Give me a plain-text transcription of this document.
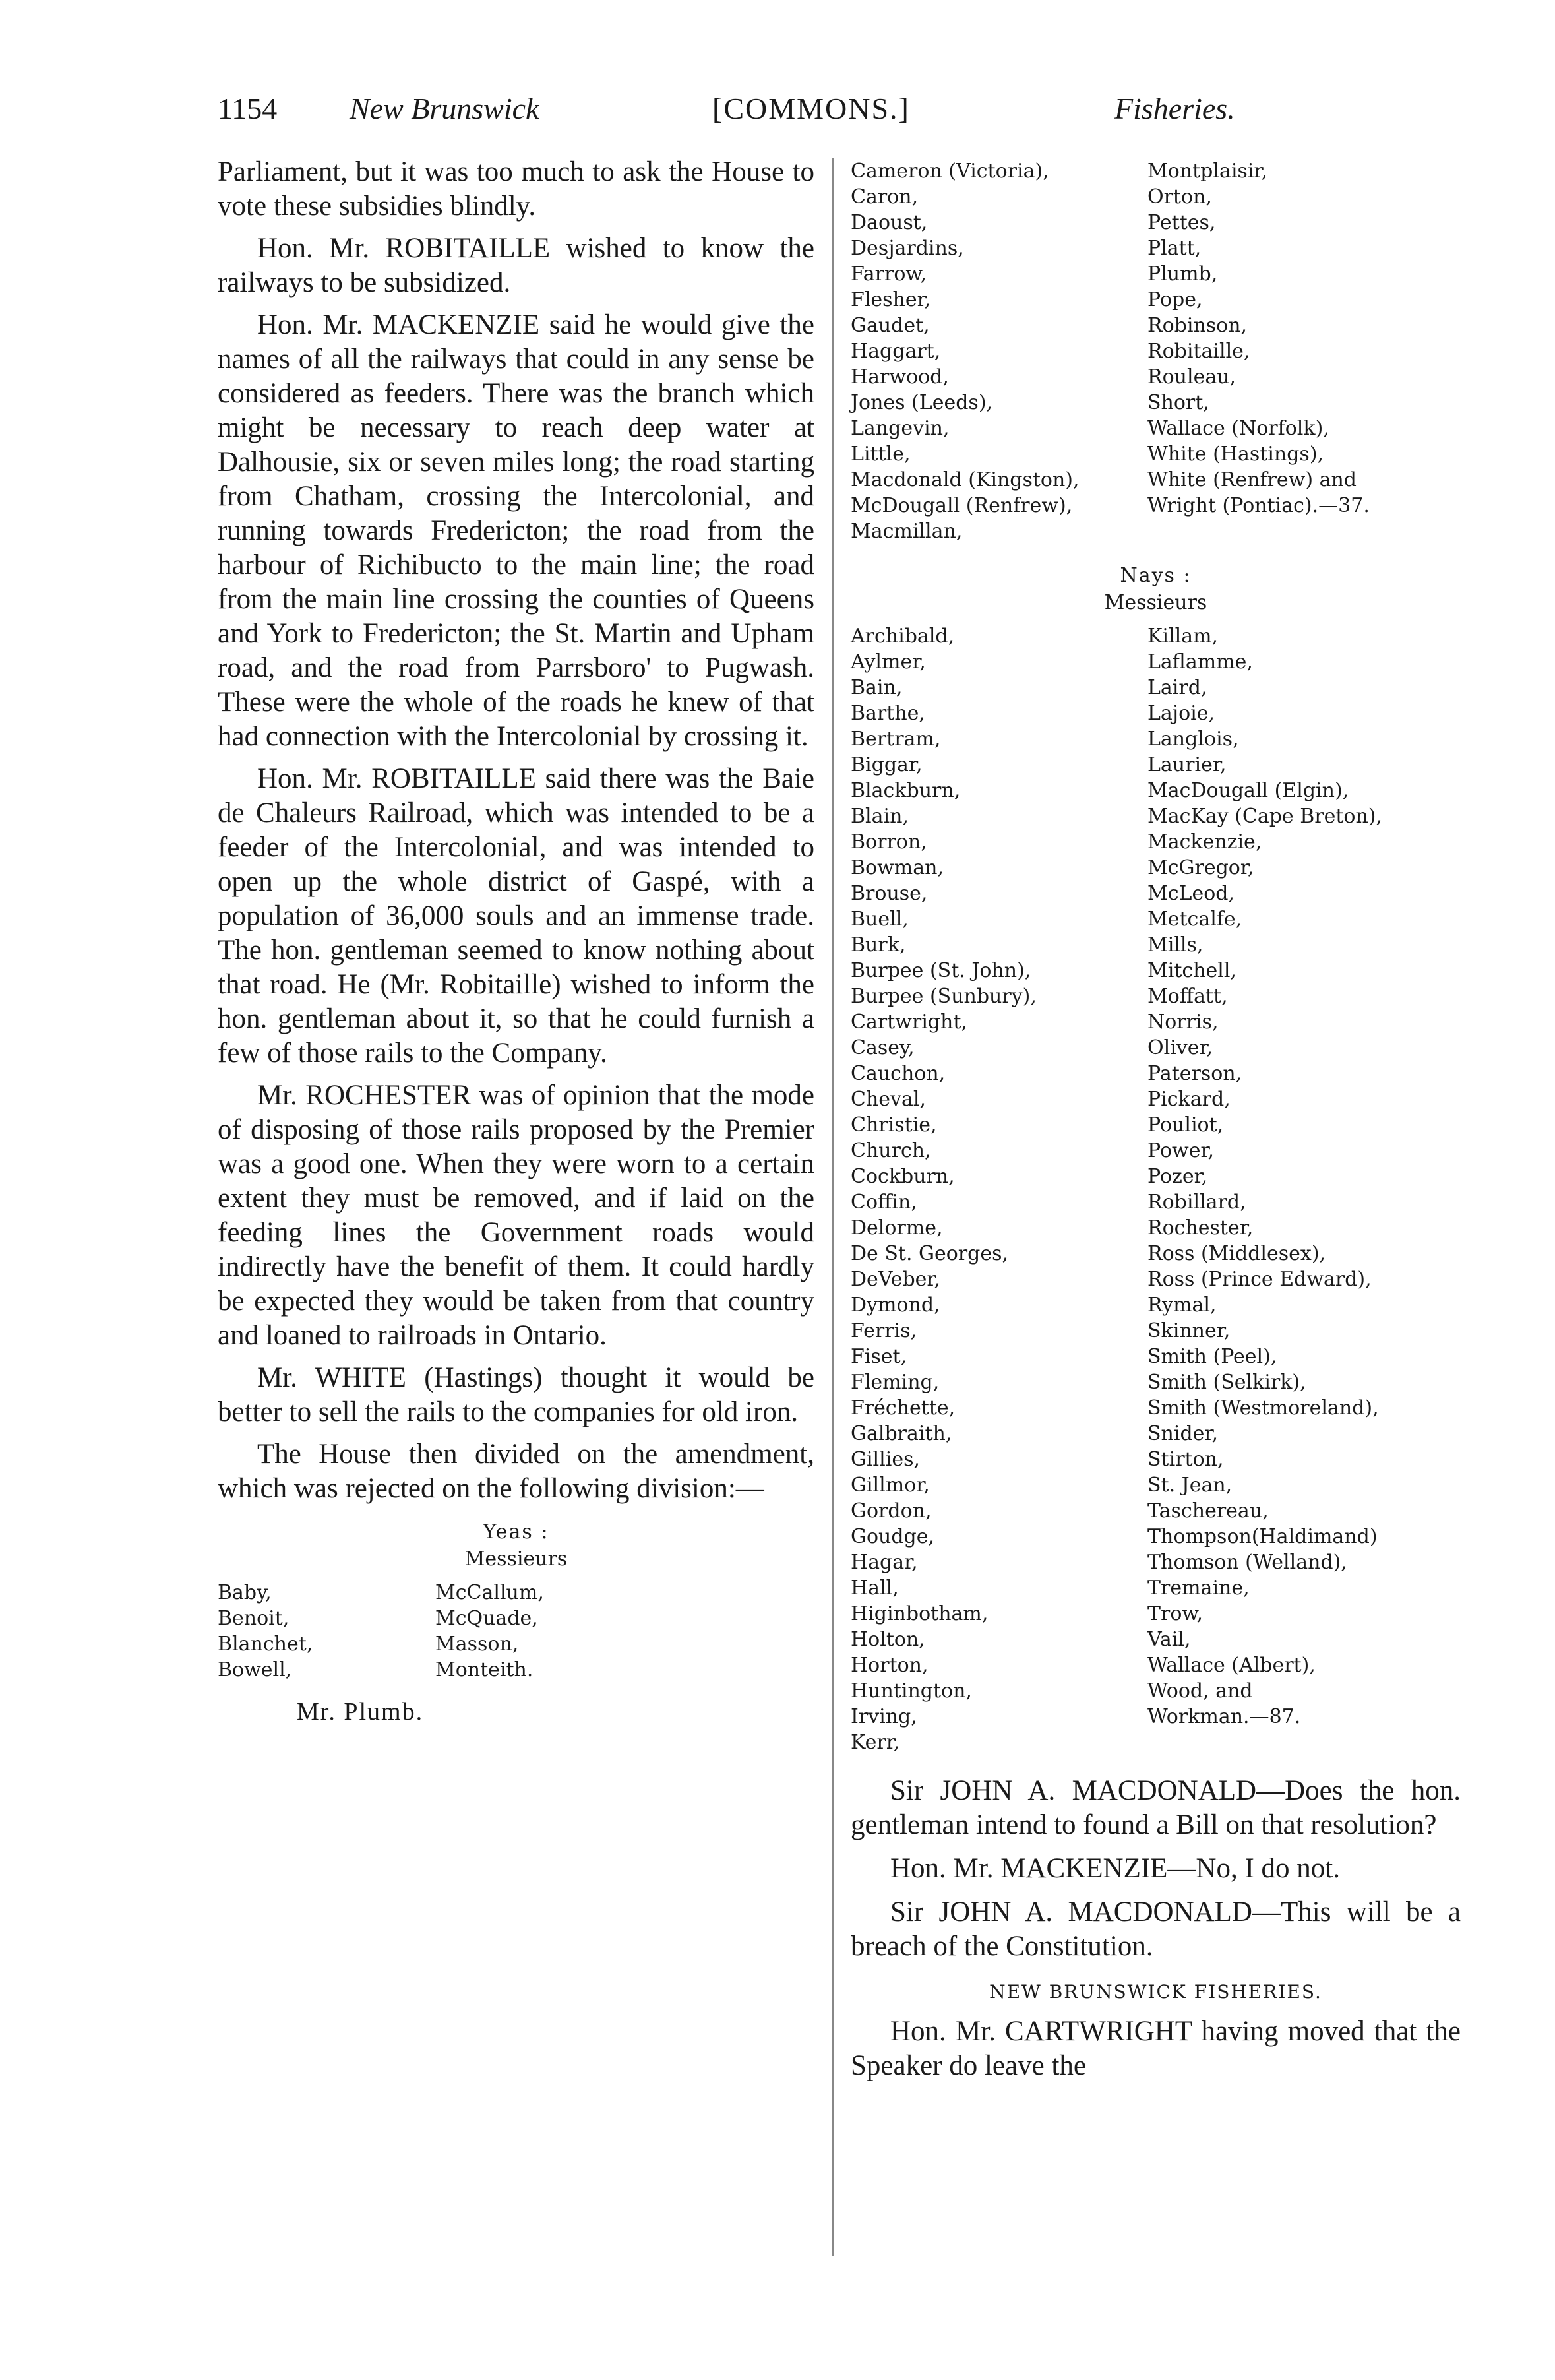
1154 New Brunswick	[COMMONS.]	Fisheries.

Parliament, but it was too much to ask the House to vote these subsidies blindly.

Hon. Mr. ROBITAILLE wished to know the railways to be subsidized.

Hon. Mr. MACKENZIE said he would give the names of all the railways that could in any sense be considered as feeders. There was the branch which might be necessary to reach deep water at Dalhousie, six or seven miles long; the road starting from Chatham, crossing the Intercolonial, and running towards Fredericton; the road from the harbour of Richibucto to the main line; the road from the main line crossing the counties of Queens and York to Fredericton; the St. Martin and Upham road, and the road from Parrsboro' to Pugwash. These were the whole of the roads he knew of that had connection with the Intercolonial by crossing it.

Hon. Mr. ROBITAILLE said there was the Baie de Chaleurs Railroad, which was intended to be a feeder of the Intercolonial, and was intended to open up the whole district of Gaspé, with a population of 36,000 souls and an immense trade. The hon. gentleman seemed to know nothing about that road. He (Mr. Robitaille) wished to inform the hon. gentleman about it, so that he could furnish a few of those rails to the Company.

Mr. ROCHESTER was of opinion that the mode of disposing of those rails proposed by the Premier was a good one. When they were worn to a certain extent they must be removed, and if laid on the feeding lines the Government roads would indirectly have the benefit of them. It could hardly be expected they would be taken from that country and loaned to railroads in Ontario.

Mr. WHITE (Hastings) thought it would be better to sell the rails to the companies for old iron.

The House then divided on the amendment, which was rejected on the following division:—

Yeas :
Messieurs
Baby,
Benoit,
Blanchet,
Bowell,
McCallum,
McQuade,
Masson,
Monteith.
Mr. Plumb.
Cameron (Victoria),
Caron,
Daoust,
Desjardins,
Farrow,
Flesher,
Gaudet,
Haggart,
Harwood,
Jones (Leeds),
Langevin,
Little,
Macdonald (Kingston),
McDougall (Renfrew),
Macmillan,
Montplaisir,
Orton,
Pettes,
Platt,
Plumb,
Pope,
Robinson,
Robitaille,
Rouleau,
Short,
Wallace (Norfolk),
White (Hastings),
White (Renfrew) and
Wright (Pontiac).—37.

Nays :
Messieurs
Archibald,
Aylmer,
Bain,
Barthe,
Bertram,
Biggar,
Blackburn,
Blain,
Borron,
Bowman,
Brouse,
Buell,
Burk,
Burpee (St. John),
Burpee (Sunbury),
Cartwright,
Casey,
Cauchon,
Cheval,
Christie,
Church,
Cockburn,
Coffin,
Delorme,
De St. Georges,
DeVeber,
Dymond,
Ferris,
Fiset,
Fleming,
Fréchette,
Galbraith,
Gillies,
Gillmor,
Gordon,
Goudge,
Hagar,
Hall,
Higinbotham,
Holton,
Horton,
Huntington,
Irving,
Kerr,
Killam,
Laflamme,
Laird,
Lajoie,
Langlois,
Laurier,
MacDougall (Elgin),
MacKay (Cape Breton),
Mackenzie,
McGregor,
McLeod,
Metcalfe,
Mills,
Mitchell,
Moffatt,
Norris,
Oliver,
Paterson,
Pickard,
Pouliot,
Power,
Pozer,
Robillard,
Rochester,
Ross (Middlesex),
Ross (Prince Edward),
Rymal,
Skinner,
Smith (Peel),
Smith (Selkirk),
Smith (Westmoreland),
Snider,
Stirton,
St. Jean,
Taschereau,
Thompson(Haldimand)
Thomson (Welland),
Tremaine,
Trow,
Vail,
Wallace (Albert),
Wood, and
Workman.—87.

Sir JOHN A. MACDONALD—Does the hon. gentleman intend to found a Bill on that resolution?

Hon. Mr. MACKENZIE—No, I do not.

Sir JOHN A. MACDONALD—This will be a breach of the Constitution.

NEW BRUNSWICK FISHERIES.

Hon. Mr. CARTWRIGHT having moved that the Speaker do leave the
